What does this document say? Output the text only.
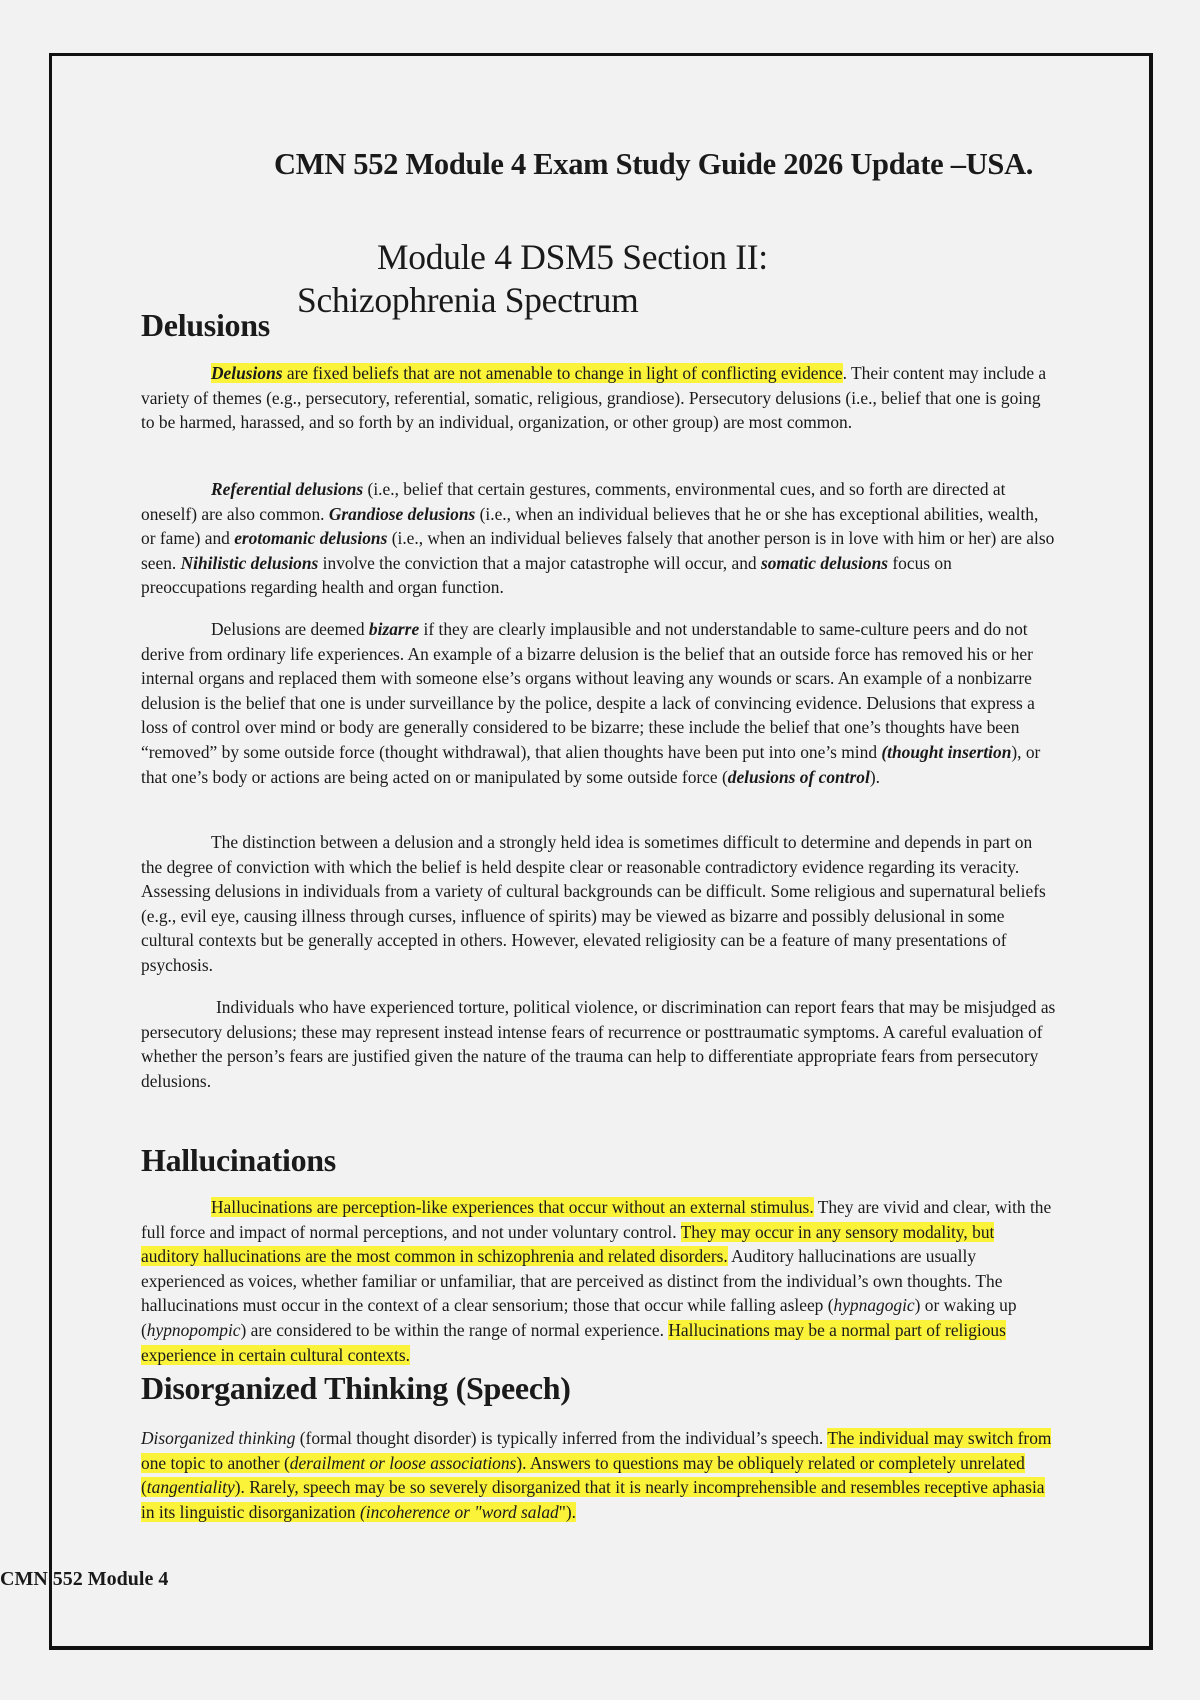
CMN 552 Module 4 Exam Study Guide 2026 Update –USA.
Module 4 DSM5 Section II:
Schizophrenia Spectrum
Delusions
Delusions are fixed beliefs that are not amenable to change in light of conflicting evidence. Their content may include a variety of themes (e.g., persecutory, referential, somatic, religious, grandiose). Persecutory delusions (i.e., belief that one is going to be harmed, harassed, and so forth by an individual, organization, or other group) are most common.
Referential delusions (i.e., belief that certain gestures, comments, environmental cues, and so forth are directed at oneself) are also common. Grandiose delusions (i.e., when an individual believes that he or she has exceptional abilities, wealth, or fame) and erotomanic delusions (i.e., when an individual believes falsely that another person is in love with him or her) are also seen. Nihilistic delusions involve the conviction that a major catastrophe will occur, and somatic delusions focus on preoccupations regarding health and organ function.
Delusions are deemed bizarre if they are clearly implausible and not understandable to same-culture peers and do not derive from ordinary life experiences. An example of a bizarre delusion is the belief that an outside force has removed his or her internal organs and replaced them with someone else’s organs without leaving any wounds or scars. An example of a nonbizarre delusion is the belief that one is under surveillance by the police, despite a lack of convincing evidence. Delusions that express a loss of control over mind or body are generally considered to be bizarre; these include the belief that one’s thoughts have been “removed” by some outside force (thought withdrawal), that alien thoughts have been put into one’s mind (thought insertion), or that one’s body or actions are being acted on or manipulated by some outside force (delusions of control).
The distinction between a delusion and a strongly held idea is sometimes difficult to determine and depends in part on the degree of conviction with which the belief is held despite clear or reasonable contradictory evidence regarding its veracity. Assessing delusions in individuals from a variety of cultural backgrounds can be difficult. Some religious and supernatural beliefs (e.g., evil eye, causing illness through curses, influence of spirits) may be viewed as bizarre and possibly delusional in some cultural contexts but be generally accepted in others. However, elevated religiosity can be a feature of many presentations of psychosis.
Individuals who have experienced torture, political violence, or discrimination can report fears that may be misjudged as persecutory delusions; these may represent instead intense fears of recurrence or posttraumatic symptoms. A careful evaluation of whether the person’s fears are justified given the nature of the trauma can help to differentiate appropriate fears from persecutory delusions.
Hallucinations
Hallucinations are perception-like experiences that occur without an external stimulus. They are vivid and clear, with the full force and impact of normal perceptions, and not under voluntary control. They may occur in any sensory modality, but auditory hallucinations are the most common in schizophrenia and related disorders. Auditory hallucinations are usually experienced as voices, whether familiar or unfamiliar, that are perceived as distinct from the individual’s own thoughts. The hallucinations must occur in the context of a clear sensorium; those that occur while falling asleep (hypnagogic) or waking up (hypnopompic) are considered to be within the range of normal experience. Hallucinations may be a normal part of religious experience in certain cultural contexts.
Disorganized Thinking (Speech)
Disorganized thinking (formal thought disorder) is typically inferred from the individual’s speech. The individual may switch from one topic to another (derailment or loose associations). Answers to questions may be obliquely related or completely unrelated (tangentiality). Rarely, speech may be so severely disorganized that it is nearly incomprehensible and resembles receptive aphasia in its linguistic disorganization (incoherence or "word salad").
CMN 552 Module 4
